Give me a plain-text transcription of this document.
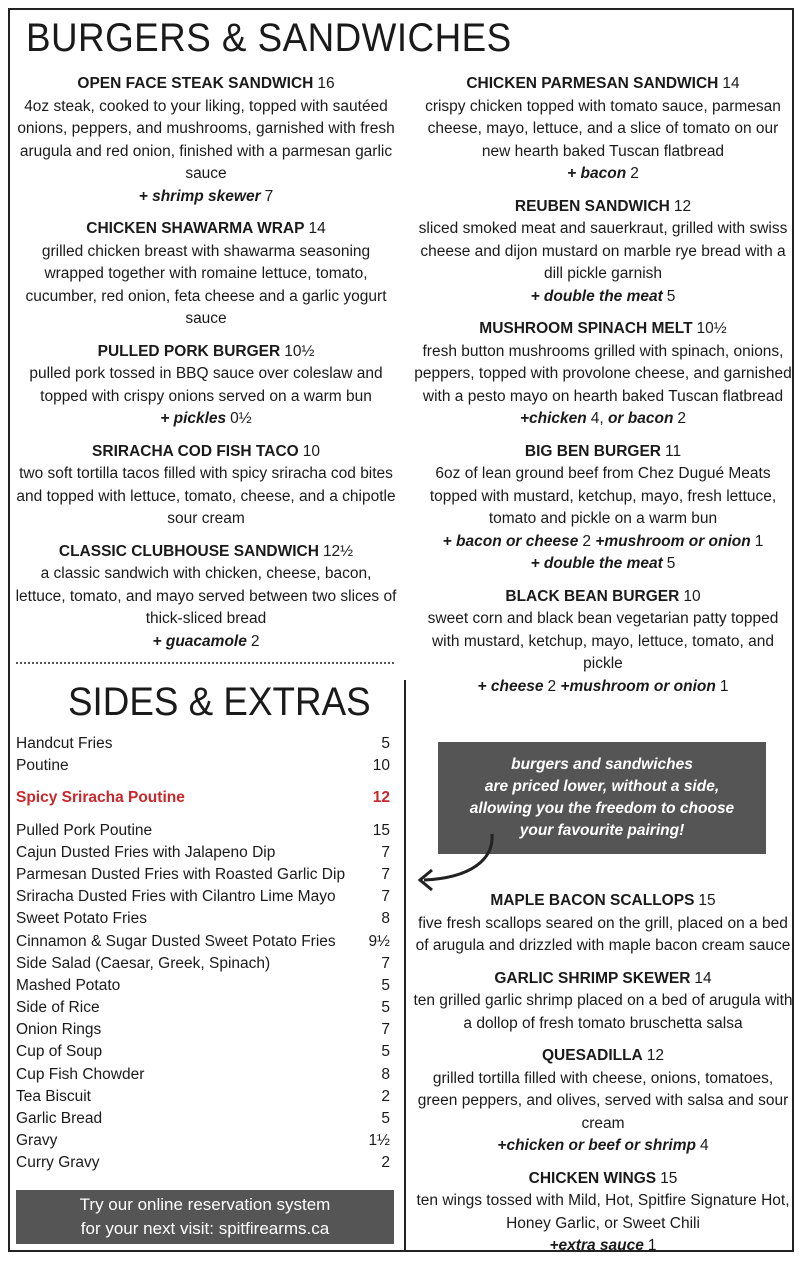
BURGERS & SANDWICHES
OPEN FACE STEAK SANDWICH 16
4oz steak, cooked to your liking, topped with sautéed onions, peppers, and mushrooms, garnished with fresh arugula and red onion, finished with a parmesan garlic sauce
+ shrimp skewer 7
CHICKEN SHAWARMA WRAP 14
grilled chicken breast with shawarma seasoning wrapped together with romaine lettuce, tomato, cucumber, red onion, feta cheese and a garlic yogurt sauce
PULLED PORK BURGER 10½
pulled pork tossed in BBQ sauce over coleslaw and topped with crispy onions served on a warm bun
+ pickles 0½
SRIRACHA COD FISH TACO 10
two soft tortilla tacos filled with spicy sriracha cod bites and topped with lettuce, tomato, cheese, and a chipotle sour cream
CLASSIC CLUBHOUSE SANDWICH 12½
a classic sandwich with chicken, cheese, bacon, lettuce, tomato, and mayo served between two slices of thick-sliced bread
+ guacamole 2
CHICKEN PARMESAN SANDWICH 14
crispy chicken topped with tomato sauce, parmesan cheese, mayo, lettuce, and a slice of tomato on our new hearth baked Tuscan flatbread
+ bacon 2
REUBEN SANDWICH 12
sliced smoked meat and sauerkraut, grilled with swiss cheese and dijon mustard on marble rye bread with a dill pickle garnish
+ double the meat 5
MUSHROOM SPINACH MELT 10½
fresh button mushrooms grilled with spinach, onions, peppers, topped with provolone cheese, and garnished with a pesto mayo on hearth baked Tuscan flatbread
+chicken 4, or bacon 2
BIG BEN BURGER 11
6oz of lean ground beef from Chez Dugué Meats topped with mustard, ketchup, mayo, fresh lettuce, tomato and pickle on a warm bun
+ bacon or cheese 2 +mushroom or onion 1
+ double the meat 5
BLACK BEAN BURGER 10
sweet corn and black bean vegetarian patty topped with mustard, ketchup, mayo, lettuce, tomato, and pickle
+ cheese 2 +mushroom or onion 1
SIDES & EXTRAS
Handcut Fries	5
Poutine	10
Spicy Sriracha Poutine	12
Pulled Pork Poutine	15
Cajun Dusted Fries with Jalapeno Dip	7
Parmesan Dusted Fries with Roasted Garlic Dip 7
Sriracha Dusted Fries with Cilantro Lime Mayo	7
Sweet Potato Fries	8
Cinnamon & Sugar Dusted Sweet Potato Fries 9½
Side Salad (Caesar, Greek, Spinach)	7
Mashed Potato	5
Side of Rice	5
Onion Rings	7
Cup of Soup	5
Cup Fish Chowder	8
Tea Biscuit	2
Garlic Bread	5
Gravy	1½
Curry Gravy	2
Try our online reservation system
for your next visit: spitfirearms.ca
burgers and sandwiches
are priced lower, without a side,
allowing you the freedom to choose
your favourite pairing!
MAPLE BACON SCALLOPS 15
five fresh scallops seared on the grill, placed on a bed of arugula and drizzled with maple bacon cream sauce
GARLIC SHRIMP SKEWER 14
ten grilled garlic shrimp placed on a bed of arugula with a dollop of fresh tomato bruschetta salsa
QUESADILLA 12
grilled tortilla filled with cheese, onions, tomatoes, green peppers, and olives, served with salsa and sour cream
+chicken or beef or shrimp 4
CHICKEN WINGS 15
ten wings tossed with Mild, Hot, Spitfire Signature Hot, Honey Garlic, or Sweet Chili
+extra sauce 1
